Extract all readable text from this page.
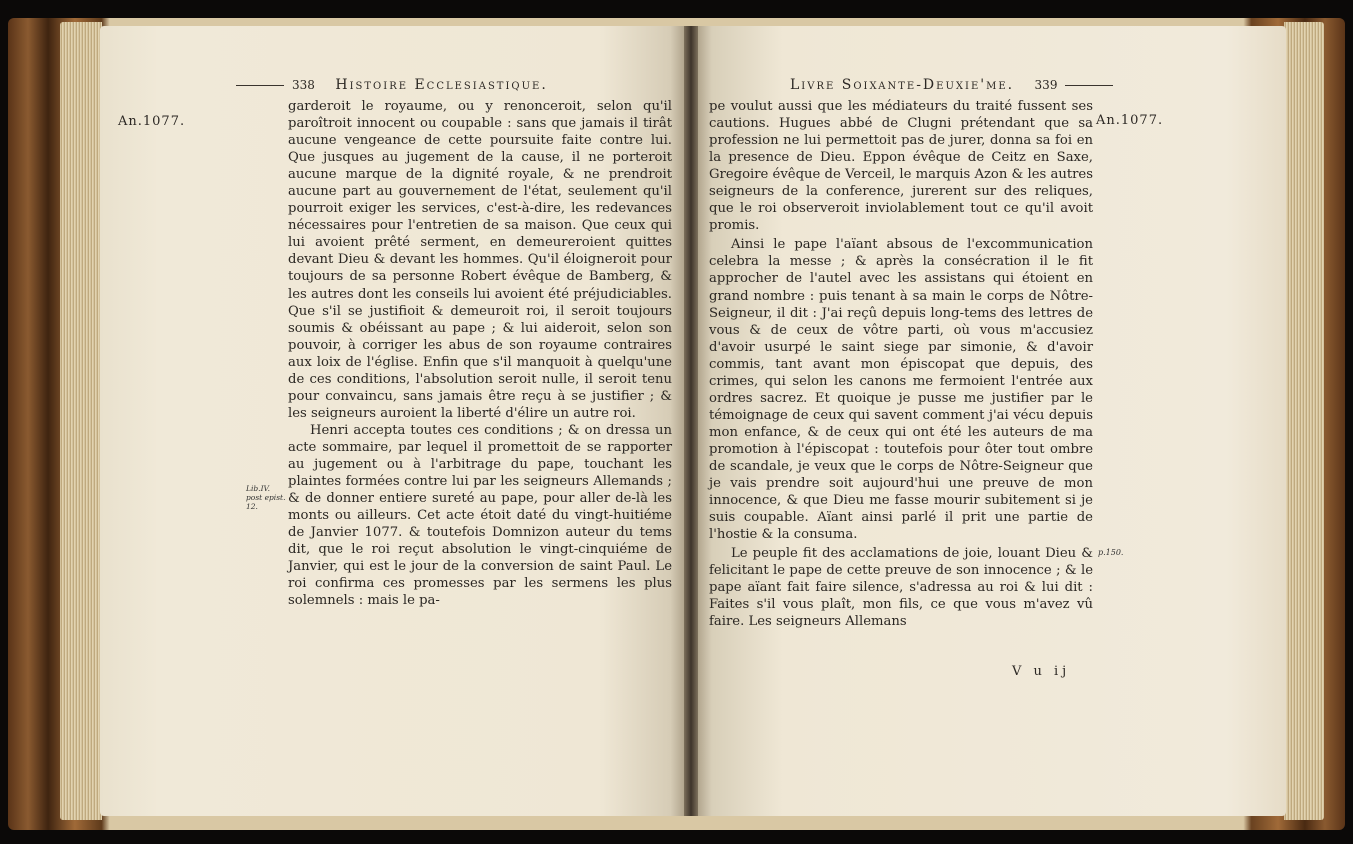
338 Histoire Ecclesiastique.
An.1077.

garderoit le royaume, ou y renonceroit, selon qu'il paroîtroit innocent ou coupable : sans que jamais il tirât aucune vengeance de cette poursuite faite contre lui. Que jusques au jugement de la cause, il ne porteroit aucune marque de la dignité royale, & ne prendroit aucune part au gouvernement de l'état, seulement qu'il pourroit exiger les services, c'est-à-dire, les redevances nécessaires pour l'entretien de sa maison. Que ceux qui lui avoient prêté serment, en demeureroient quittes devant Dieu & devant les hommes. Qu'il éloigneroit pour toujours de sa personne Robert évêque de Bamberg, & les autres dont les conseils lui avoient été préjudiciables. Que s'il se justifioit & demeuroit roi, il seroit toujours soumis & obéissant au pape ; & lui aideroit, selon son pouvoir, à corriger les abus de son royaume contraires aux loix de l'église. Enfin que s'il manquoit à quelqu'une de ces conditions, l'absolution seroit nulle, il seroit tenu pour convaincu, sans jamais être reçu à se justifier ; & les seigneurs auroient la liberté d'élire un autre roi.

Henri accepta toutes ces conditions ; & on dressa un acte sommaire, par lequel il promettoit de se rapporter au jugement ou à l'arbitrage du pape, touchant les plaintes formées contre lui par les seigneurs Allemands ; & de donner entiere sureté au pape, pour aller de-là les monts ou ailleurs. Cet acte étoit daté du vingt-huitiéme de Janvier 1077. & toutefois Domnizon auteur du tems dit, que le roi reçut absolution le vingt-cinquiéme de Janvier, qui est le jour de la conversion de saint Paul. Le roi confirma ces promesses par les sermens les plus solemnels : mais le pa-

Lib.IV. post epist. 12.
Livre Soixante-Deuxie'me. 339
An.1077.

pe voulut aussi que les médiateurs du traité fussent ses cautions. Hugues abbé de Clugni prétendant que sa profession ne lui permettoit pas de jurer, donna sa foi en la presence de Dieu. Eppon évêque de Ceitz en Saxe, Gregoire évêque de Verceil, le marquis Azon & les autres seigneurs de la conference, jurerent sur des reliques, que le roi observeroit inviolablement tout ce qu'il avoit promis.

Ainsi le pape l'aïant absous de l'excommunication celebra la messe ; & après la consécration il le fit approcher de l'autel avec les assistans qui étoient en grand nombre : puis tenant à sa main le corps de Nôtre-Seigneur, il dit : J'ai reçû depuis long-tems des lettres de vous & de ceux de vôtre parti, où vous m'accusiez d'avoir usurpé le saint siege par simonie, & d'avoir commis, tant avant mon épiscopat que depuis, des crimes, qui selon les canons me fermoient l'entrée aux ordres sacrez. Et quoique je pusse me justifier par le témoignage de ceux qui savent comment j'ai vécu depuis mon enfance, & de ceux qui ont été les auteurs de ma promotion à l'épiscopat : toutefois pour ôter tout ombre de scandale, je veux que le corps de Nôtre-Seigneur que je vais prendre soit aujourd'hui une preuve de mon innocence, & que Dieu me fasse mourir subitement si je suis coupable. Aïant ainsi parlé il prit une partie de l'hostie & la consuma.

Le peuple fit des acclamations de joie, louant Dieu & felicitant le pape de cette preuve de son innocence ; & le pape aïant fait faire silence, s'adressa au roi & lui dit : Faites s'il vous plaît, mon fils, ce que vous m'avez vû faire. Les seigneurs Allemans

p.150.
V u ij
